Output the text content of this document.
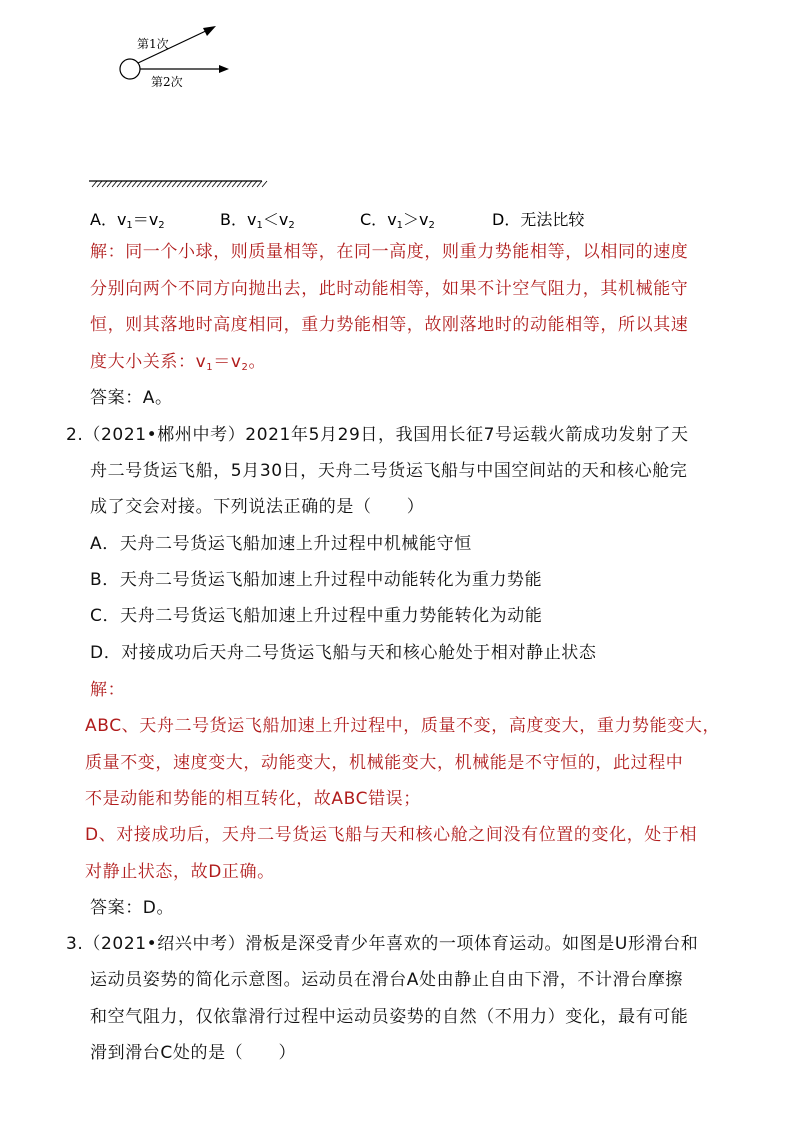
第1次
第2次
A．$v_1=v_2$	B．$v_1<v_2$	C．$v_1>v_2$	D．无法比较
解：同一个小球，则质量相等，在同一高度，则重力势能相等，以相同的速度
分别向两个不同方向抛出去，此时动能相等，如果不计空气阻力，其机械能守
恒，则其落地时高度相同，重力势能相等，故刚落地时的动能相等，所以其速
度大小关系：$v_1=v_2$。
答案：A。
2.（2021•郴州中考）2021年5月29日，我国用长征7号运载火箭成功发射了天
舟二号货运飞船，5月30日，天舟二号货运飞船与中国空间站的天和核心舱完
成了交会对接。下列说法正确的是（　　）
A．天舟二号货运飞船加速上升过程中机械能守恒
B．天舟二号货运飞船加速上升过程中动能转化为重力势能
C．天舟二号货运飞船加速上升过程中重力势能转化为动能
D．对接成功后天舟二号货运飞船与天和核心舱处于相对静止状态
解：
ABC、天舟二号货运飞船加速上升过程中，质量不变，高度变大，重力势能变大，
质量不变，速度变大，动能变大，机械能变大，机械能是不守恒的，此过程中
不是动能和势能的相互转化，故ABC错误；
D、对接成功后，天舟二号货运飞船与天和核心舱之间没有位置的变化，处于相
对静止状态，故D正确。
答案：D。
3.（2021•绍兴中考）滑板是深受青少年喜欢的一项体育运动。如图是U形滑台和
运动员姿势的简化示意图。运动员在滑台A处由静止自由下滑，不计滑台摩擦
和空气阻力，仅依靠滑行过程中运动员姿势的自然（不用力）变化，最有可能
滑到滑台C处的是（　　）
